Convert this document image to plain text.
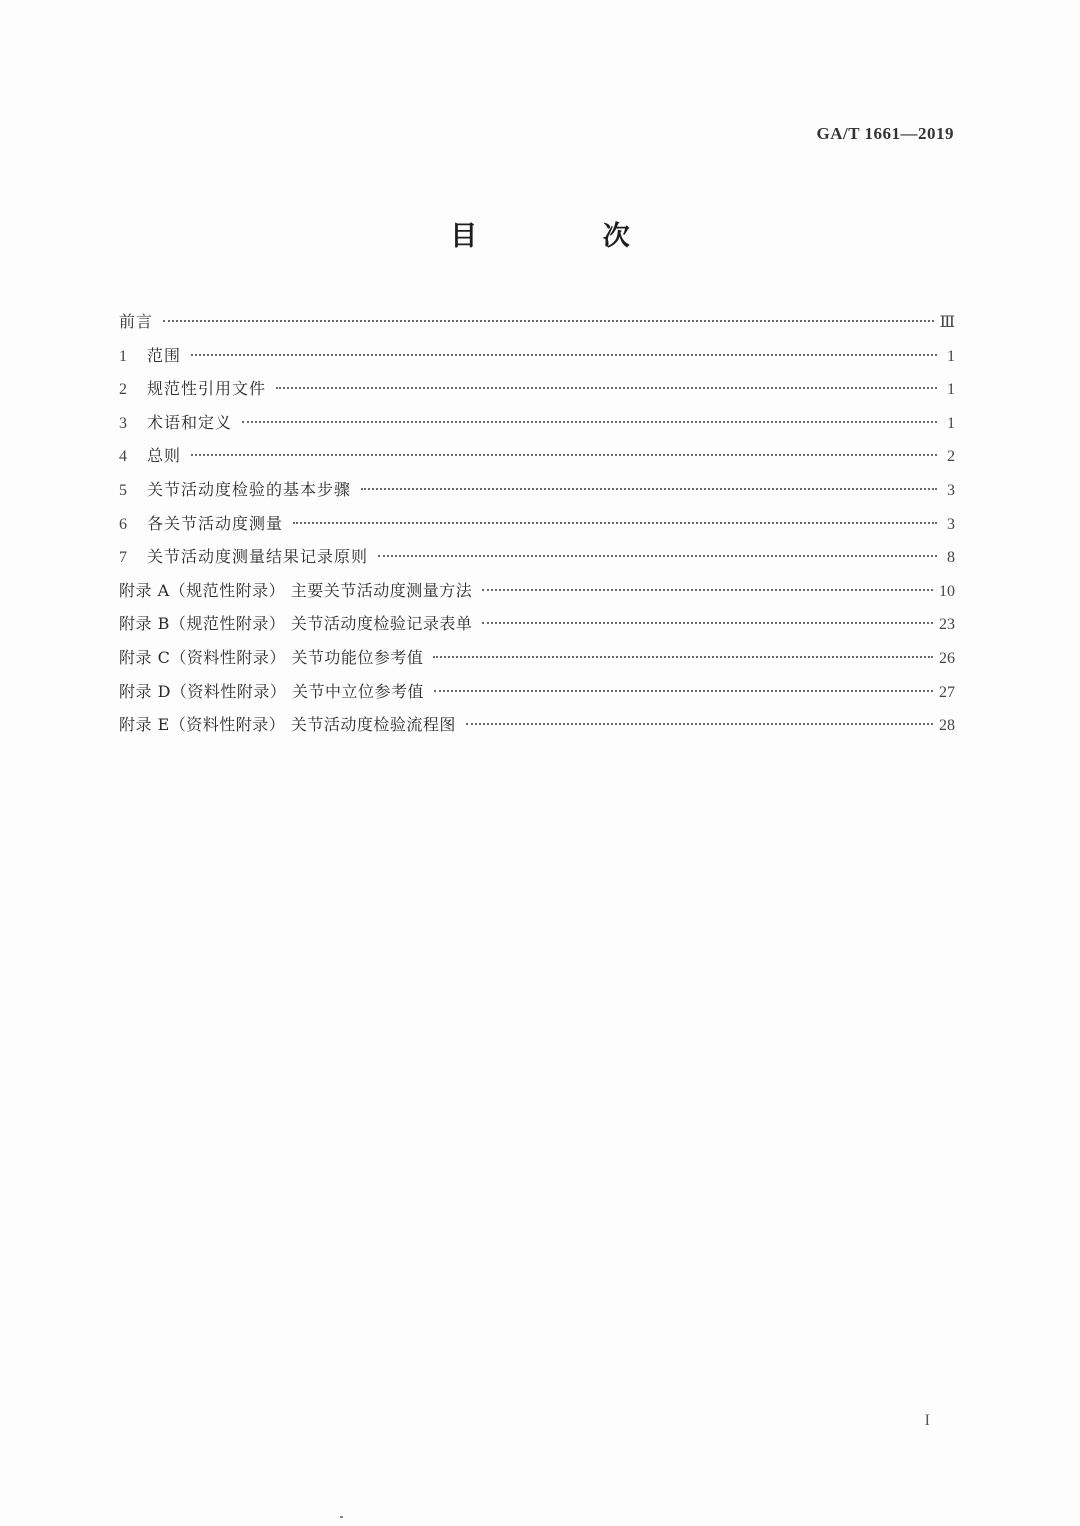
GA/T 1661—2019
目 次
前言	Ⅲ
1	范围	1
2	规范性引用文件	1
3	术语和定义	1
4	总则	2
5	关节活动度检验的基本步骤	3
6	各关节活动度测量	3
7	关节活动度测量结果记录原则	8
附录 A（规范性附录） 主要关节活动度测量方法	10
附录 B（规范性附录） 关节活动度检验记录表单	23
附录 C（资料性附录） 关节功能位参考值	26
附录 D（资料性附录） 关节中立位参考值	27
附录 E（资料性附录） 关节活动度检验流程图	28
I
